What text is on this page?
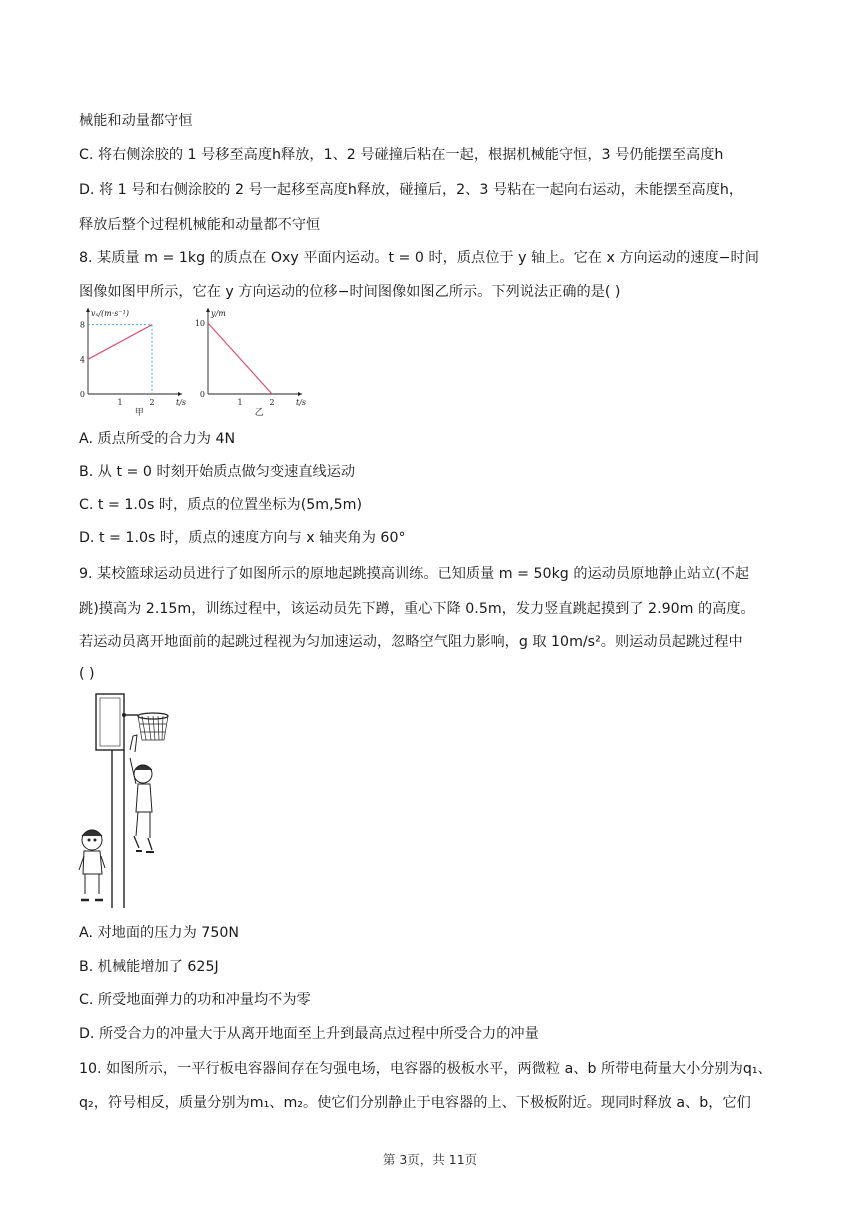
械能和动量都守恒
C. 将右侧涂胶的 1 号移至高度h释放，1、2 号碰撞后粘在一起，根据机械能守恒，3 号仍能摆至高度h
D. 将 1 号和右侧涂胶的 2 号一起移至高度h释放，碰撞后，2、3 号粘在一起向右运动，未能摆至高度h，
释放后整个过程机械能和动量都不守恒
8. 某质量 m = 1kg 的质点在 Oxy 平面内运动。t = 0 时，质点位于 y 轴上。它在 x 方向运动的速度−时间
图像如图甲所示，它在 y 方向运动的位移−时间图像如图乙所示。下列说法正确的是( )
vₓ/(m·s⁻¹)
t/s
0
4
8
1	2
甲
y/m
t/s
0
10
1	2
乙
A. 质点所受的合力为 4N
B. 从 t = 0 时刻开始质点做匀变速直线运动
C. t = 1.0s 时，质点的位置坐标为(5m,5m)
D. t = 1.0s 时，质点的速度方向与 x 轴夹角为 60°
9. 某校篮球运动员进行了如图所示的原地起跳摸高训练。已知质量 m = 50kg 的运动员原地静止站立(不起
跳)摸高为 2.15m，训练过程中，该运动员先下蹲，重心下降 0.5m，发力竖直跳起摸到了 2.90m 的高度。
若运动员离开地面前的起跳过程视为匀加速运动，忽略空气阻力影响，g 取 10m/s²。则运动员起跳过程中
( )
A. 对地面的压力为 750N
B. 机械能增加了 625J
C. 所受地面弹力的功和冲量均不为零
D. 所受合力的冲量大于从离开地面至上升到最高点过程中所受合力的冲量
10. 如图所示，一平行板电容器间存在匀强电场，电容器的极板水平，两微粒 a、b 所带电荷量大小分别为q₁、
q₂，符号相反，质量分别为m₁、m₂。使它们分别静止于电容器的上、下极板附近。现同时释放 a、b，它们
第 3页，共 11页
